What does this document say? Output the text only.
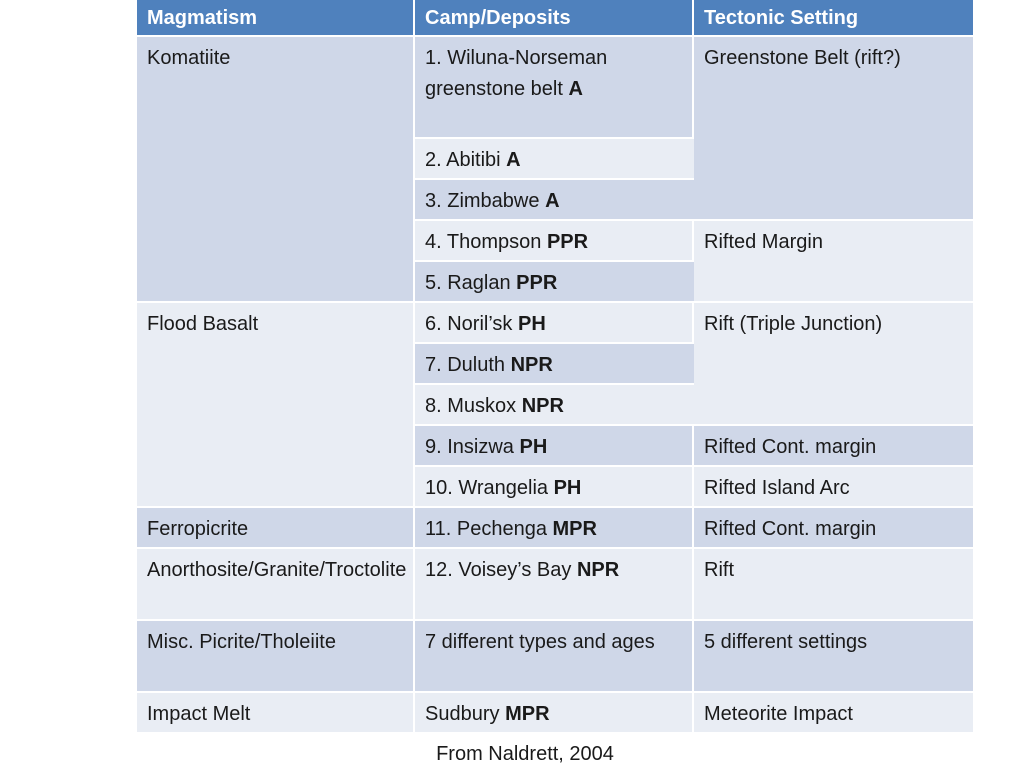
Magmatism	Camp/Deposits	Tectonic Setting
Komatiite	1. Wiluna-Norseman greenstone belt A	Greenstone Belt (rift?)
	2. Abitibi A	
	3. Zimbabwe A	
	4. Thompson PPR	Rifted Margin
	5. Raglan PPR	
Flood Basalt	6. Noril’sk PH	Rift (Triple Junction)
	7. Duluth NPR	
	8. Muskox NPR	
	9. Insizwa PH	Rifted Cont. margin
	10. Wrangelia PH	Rifted Island Arc
Ferropicrite	11. Pechenga MPR	Rifted Cont. margin
Anorthosite/Granite/Troctolite	12. Voisey’s Bay NPR	Rift
Misc. Picrite/Tholeiite	7 different types and ages	5 different settings
Impact Melt	Sudbury MPR	Meteorite Impact
From Naldrett, 2004
